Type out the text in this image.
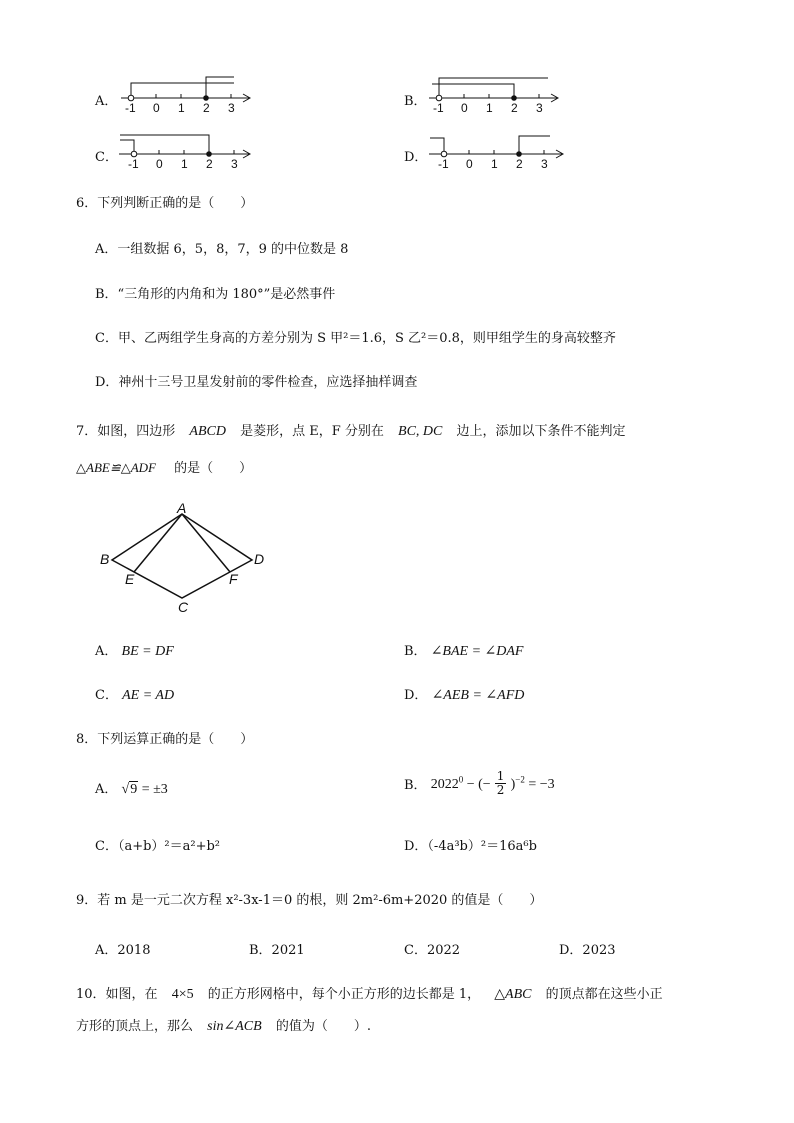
A． -1 0 1 2 3	B． -1 0 1 2 3
C． -1 0 1 2 3	D． -1 0 1 2 3
6．下列判断正确的是（　　）
A．一组数据 6，5，8，7，9 的中位数是 8
B．“三角形的内角和为 180°”是必然事件
C．甲、乙两组学生身高的方差分别为 S 甲²＝1.6，S 乙²＝0.8，则甲组学生的身高较整齐
D．神州十三号卫星发射前的零件检查，应选择抽样调查
7．如图，四边形 ABCD 是菱形，点 E，F 分别在 BC, DC 边上，添加以下条件不能判定
△ABE≌△ADF 的是（　　）
A
B	D
C
E	F
A． BE = DF	B． ∠BAE = ∠DAF
C． AE = AD	D． ∠AEB = ∠AFD
8．下列运算正确的是（　　）
A． √9 = ±3	B． $2022^0$ − (− $\frac{1}{2} )^{-2} = -3$
C．（a+b）²＝a²+b²	D．（-4a³b）²＝16a⁶b
9．若 m 是一元二次方程 x²-3x-1＝0 的根，则 2m²-6m+2020 的值是（　　）
A．2018	B．2021	C．2022	D．2023
10．如图，在 4×5 的正方形网格中，每个小正方形的边长都是 1， △ABC 的顶点都在这些小正
方形的顶点上，那么 sin∠ACB 的值为（　　）.
